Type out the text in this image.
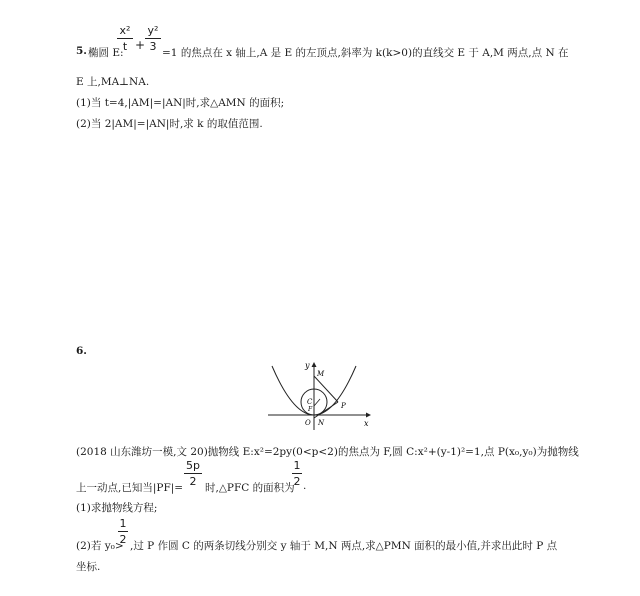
5. 椭圆 E:
x²
t +
y²
3 =1 的焦点在 x 轴上,A 是 E 的左顶点,斜率为 k(k>0)的直线交 E 于 A,M 两点,点 N 在
E 上,MA⊥NA.
(1)当 t=4,|AM|=|AN|时,求△AMN 的面积;
(2)当 2|AM|=|AN|时,求 k 的取值范围.
6.
y
x
M
C
F	P
O N
(2018 山东潍坊一模,文 20)抛物线 E:x²=2py(0<p<2)的焦点为 F,圆 C:x²+(y-1)²=1,点 P(x₀,y₀)为抛物线
上一动点,已知当|PF|=
5p
2 时,△PFC 的面积为
1
2 .
(1)求抛物线方程;
(2)若 y₀>
1
2 ,过 P 作圆 C 的两条切线分别交 y 轴于 M,N 两点,求△PMN 面积的最小值,并求出此时 P 点
坐标.
